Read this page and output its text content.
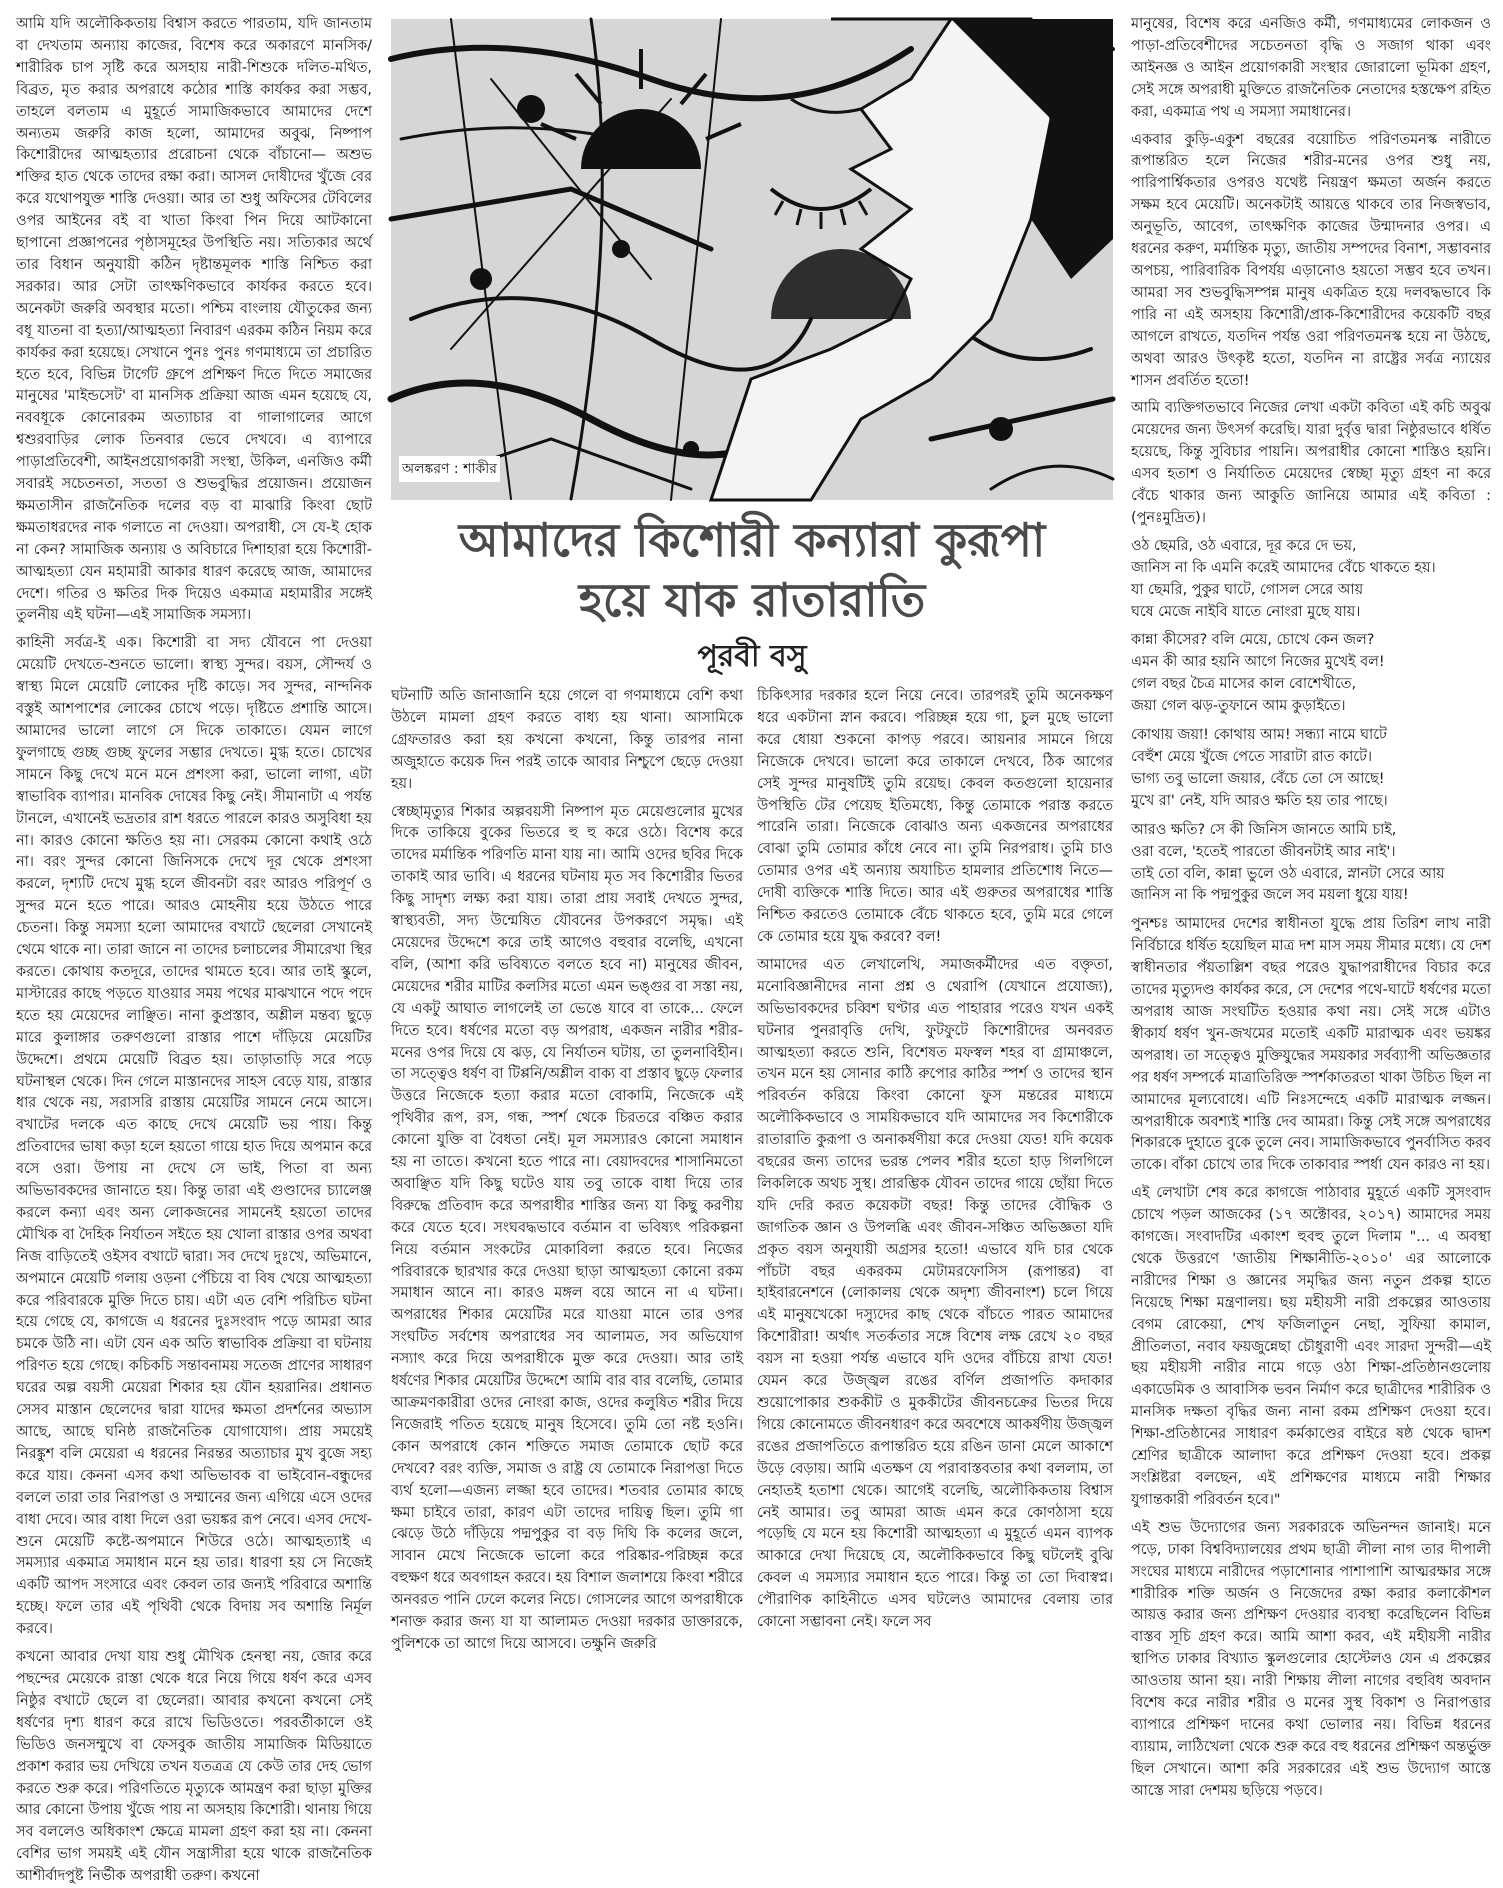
আমি যদি অলৌকিকতায় বিশ্বাস করতে পারতাম, যদি জানতাম বা দেখতাম অন্যায় কাজের, বিশেষ করে অকারণে মানসিক/শারীরিক চাপ সৃষ্টি করে অসহায় নারী-শিশুকে দলিত-মথিত, বিব্রত, মৃত করার অপরাধে কঠোর শাস্তি কার্যকর করা সম্ভব, তাহলে বলতাম এ মুহূর্তে সামাজিকভাবে আমাদের দেশে অন্যতম জরুরি কাজ হলো, আমাদের অবুঝ, নিষ্পাপ কিশোরীদের আত্মহত্যার প্ররোচনা থেকে বাঁচানো— অশুভ শক্তির হাত থেকে তাদের রক্ষা করা। আসল দোষীদের খুঁজে বের করে যথোপযুক্ত শাস্তি দেওয়া। আর তা শুধু অফিসের টেবিলের ওপর আইনের বই বা খাতা কিংবা পিন দিয়ে আটকানো ছাপানো প্রজ্ঞাপনের পৃষ্ঠাসমূহের উপস্থিতি নয়। সত্যিকার অর্থে তার বিধান অনুযায়ী কঠিন দৃষ্টান্তমূলক শাস্তি নিশ্চিত করা সরকার। আর সেটা তাৎক্ষণিকভাবে কার্যকর করতে হবে। অনেকটা জরুরি অবস্থার মতো। পশ্চিম বাংলায় যৌতুকের জন্য বধূ যাতনা বা হত্যা/আত্মহত্যা নিবারণ এরকম কঠিন নিয়ম করে কার্যকর করা হয়েছে। সেখানে পুনঃ পুনঃ গণমাধ্যমে তা প্রচারিত হতে হবে, বিভিন্ন টার্গেট গ্রুপে প্রশিক্ষণ দিতে দিতে সমাজের মানুষের 'মাইন্ডসেট' বা মানসিক প্রক্রিয়া আজ এমন হয়েছে যে, নববধূকে কোনোরকম অত্যাচার বা গালাগালের আগে শ্বশুরবাড়ির লোক তিনবার ভেবে দেখবে। এ ব্যাপারে পাড়াপ্রতিবেশী, আইনপ্রয়োগকারী সংস্থা, উকিল, এনজিও কর্মী সবারই সচেতনতা, সততা ও শুভবুদ্ধির প্রয়োজন। প্রয়োজন ক্ষমতাসীন রাজনৈতিক দলের বড় বা মাঝারি কিংবা ছোট ক্ষমতাধরদের নাক গলাতে না দেওয়া। অপরাধী, সে যে-ই হোক না কেন? সামাজিক অন্যায় ও অবিচারে দিশাহারা হয়ে কিশোরী-আত্মহত্যা যেন মহামারী আকার ধারণ করেছে আজ, আমাদের দেশে। গতির ও ক্ষতির দিক দিয়েও একমাত্র মহামারীর সঙ্গেই তুলনীয় এই ঘটনা—এই সামাজিক সমস্যা।

কাহিনী সর্বত্র-ই এক। কিশোরী বা সদ্য যৌবনে পা দেওয়া মেয়েটি দেখতে-শুনতে ভালো। স্বাস্থ্য সুন্দর। বয়স, সৌন্দর্য ও স্বাস্থ্য মিলে মেয়েটি লোকের দৃষ্টি কাড়ে। সব সুন্দর, নান্দনিক বস্তুই আশপাশের লোকের চোখে পড়ে। দৃষ্টিতে প্রশান্তি আসে। আমাদের ভালো লাগে সে দিকে তাকাতে। যেমন লাগে ফুলগাছে গুচ্ছ গুচ্ছ ফুলের সম্ভার দেখতে। মুগ্ধ হতে। চোখের সামনে কিছু দেখে মনে মনে প্রশংসা করা, ভালো লাগা, এটা স্বাভাবিক ব্যাপার। মানবিক দোষের কিছু নেই। সীমানাটা এ পর্যন্ত টানলে, এখানেই ভদ্রতার রাশ ধরতে পারলে কারও অসুবিধা হয় না। কারও কোনো ক্ষতিও হয় না। সেরকম কোনো কথাই ওঠে না। বরং সুন্দর কোনো জিনিসকে দেখে দূর থেকে প্রশংসা করলে, দৃশ্যটি দেখে মুগ্ধ হলে জীবনটা বরং আরও পরিপূর্ণ ও সুন্দর মনে হতে পারে। আরও মোহনীয় হয়ে উঠতে পারে চেতনা। কিন্তু সমস্যা হলো আমাদের বখাটে ছেলেরা সেখানেই থেমে থাকে না। তারা জানে না তাদের চলাচলের সীমারেখা স্থির করতে। কোথায় কতদূরে, তাদের থামতে হবে। আর তাই স্কুলে, মাস্টারের কাছে পড়তে যাওয়ার সময় পথের মাঝখানে পদে পদে হতে হয় মেয়েদের লাঞ্ছিত। নানা কুপ্রস্তাব, অশ্লীল মন্তব্য ছুড়ে মারে কুলাঙ্গার তরুণগুলো রাস্তার পাশে দাঁড়িয়ে মেয়েটির উদ্দেশে। প্রথমে মেয়েটি বিব্রত হয়। তাড়াতাড়ি সরে পড়ে ঘটনাস্থল থেকে। দিন গেলে মাস্তানদের সাহস বেড়ে যায়, রাস্তার ধার থেকে নয়, সরাসরি রাস্তায় মেয়েটির সামনে নেমে আসে। বখাটের দলকে এত কাছে দেখে মেয়েটি ভয় পায়। কিন্তু প্রতিবাদের ভাষা কড়া হলে হয়তো গায়ে হাত দিয়ে অপমান করে বসে ওরা। উপায় না দেখে সে ভাই, পিতা বা অন্য অভিভাবকদের জানাতে হয়। কিন্তু তারা এই গুণ্ডাদের চ্যালেঞ্জ করলে কন্যা এবং অন্য লোকজনের সামনেই হয়তো তাদের মৌখিক বা দৈহিক নির্যাতন সইতে হয় খোলা রাস্তার ওপর অথবা নিজ বাড়িতেই ওইসব বখাটে দ্বারা। সব দেখে দুঃখে, অভিমানে, অপমানে মেয়েটি গলায় ওড়না পেঁচিয়ে বা বিষ খেয়ে আত্মহত্যা করে পরিবারকে মুক্তি দিতে চায়। এটা এত বেশি পরিচিত ঘটনা হয়ে গেছে যে, কাগজে এ ধরনের দুঃসংবাদ পড়ে আমরা আর চমকে উঠি না। এটা যেন এক অতি স্বাভাবিক প্রক্রিয়া বা ঘটনায় পরিণত হয়ে গেছে। কচিকচি সন্তাবনাময় সতেজ প্রাণের সাধারণ ঘরের অল্প বয়সী মেয়েরা শিকার হয় যৌন হয়রানির। প্রধানত সেসব মাস্তান ছেলেদের দ্বারা যাদের ক্ষমতা প্রদর্শনের অভ্যাস আছে, আছে ঘনিষ্ঠ রাজনৈতিক যোগাযোগ। প্রায় সময়েই নিরঙ্কুশ বলি মেয়েরা এ ধরনের নিরন্তর অত্যাচার মুখ বুজে সহ্য করে যায়। কেননা এসব কথা অভিভাবক বা ভাইবোন-বন্ধুদের বললে তারা তার নিরাপত্তা ও সম্মানের জন্য এগিয়ে এসে ওদের বাধা দেবে। আর বাধা দিলে ওরা ভয়ঙ্কর রূপ নেবে। এসব দেখে-শুনে মেয়েটি কষ্টে-অপমানে শিউরে ওঠে। আত্মহত্যাই এ সমস্যার একমাত্র সমাধান মনে হয় তার। ধারণা হয় সে নিজেই একটি আপদ সংসারে এবং কেবল তার জন্যই পরিবারে অশান্তি হচ্ছে। ফলে তার এই পৃথিবী থেকে বিদায় সব অশান্তি নির্মূল করবে।

কখনো আবার দেখা যায় শুধু মৌখিক হেনস্থা নয়, জোর করে পছন্দের মেয়েকে রাস্তা থেকে ধরে নিয়ে গিয়ে ধর্ষণ করে এসব নিষ্ঠুর বখাটে ছেলে বা ছেলেরা। আবার কখনো কখনো সেই ধর্ষণের দৃশ্য ধারণ করে রাখে ভিডিওতে। পরবর্তীকালে ওই ভিডিও জনসম্মুখে বা ফেসবুক জাতীয় সামাজিক মিডিয়াতে প্রকাশ করার ভয় দেখিয়ে তখন যতত্রত্র যে কেউ তার দেহ ভোগ করতে শুরু করে। পরিণতিতে মৃত্যুকে আমন্ত্রণ করা ছাড়া মুক্তির আর কোনো উপায় খুঁজে পায় না অসহায় কিশোরী। থানায় গিয়ে সব বললেও অধিকাংশ ক্ষেত্রে মামলা গ্রহণ করা হয় না। কেননা বেশির ভাগ সময়ই এই যৌন সন্ত্রাসীরা হয়ে থাকে রাজনৈতিক আশীর্বাদপুষ্ট নির্ভীক অপরাধী তরুণ। কখনো

অলঙ্করণ : শাকীর
আমাদের কিশোরী কন্যারা কুরূপা
হয়ে যাক রাতারাতি
পূরবী বসু

ঘটনাটি অতি জানাজানি হয়ে গেলে বা গণমাধ্যমে বেশি কথা উঠলে মামলা গ্রহণ করতে বাধ্য হয় থানা। আসামিকে গ্রেফতারও করা হয় কখনো কখনো, কিন্তু তারপর নানা অজুহাতে কয়েক দিন পরই তাকে আবার নিশ্চুপে ছেড়ে দেওয়া হয়।

স্বেচ্ছামৃত্যুর শিকার অল্পবয়সী নিষ্পাপ মৃত মেয়েগুলোর মুখের দিকে তাকিয়ে বুকের ভিতরে হু হু করে ওঠে। বিশেষ করে তাদের মর্মান্তিক পরিণতি মানা যায় না। আমি ওদের ছবির দিকে তাকাই আর ভাবি। এ ধরনের ঘটনায় মৃত সব কিশোরীর ভিতর কিছু সাদৃশ্য লক্ষ্য করা যায়। তারা প্রায় সবাই দেখতে সুন্দর, স্বাস্থ্যবতী, সদ্য উন্মেষিত যৌবনের উপকরণে সমৃদ্ধ। এই মেয়েদের উদ্দেশে করে তাই আগেও বহুবার বলেছি, এখনো বলি, (আশা করি ভবিষ্যতে বলতে হবে না) মানুষের জীবন, মেয়েদের শরীর মাটির কলসির মতো এমন ভঙ্গুর বা সস্তা নয়, যে একটু আঘাত লাগলেই তা ভেঙে যাবে বা তাকে... ফেলে দিতে হবে। ধর্ষণের মতো বড় অপরাধ, একজন নারীর শরীর-মনের ওপর দিয়ে যে ঝড়, যে নির্যাতন ঘটায়, তা তুলনাবিহীন। তা সত্ত্বেও ধর্ষণ বা টিপ্পনি/অশ্লীল বাক্য বা প্রস্তাব ছুড়ে ফেলার উত্তরে নিজেকে হত্যা করার মতো বোকামি, নিজেকে এই পৃথিবীর রূপ, রস, গন্ধ, স্পর্শ থেকে চিরতরে বঞ্চিত করার কোনো যুক্তি বা বৈধতা নেই। মূল সমস্যারও কোনো সমাধান হয় না তাতে। কখনো হতে পারে না। বেয়াদবদের শাসানিমতো অবাঞ্ছিত যদি কিছু ঘটেও যায় তবু তাকে বাধা দিয়ে তার বিরুদ্ধে প্রতিবাদ করে অপরাধীর শাস্তির জন্য যা কিছু করণীয় করে যেতে হবে। সংঘবদ্ধভাবে বর্তমান বা ভবিষ্যৎ পরিকল্পনা নিয়ে বর্তমান সংকটের মোকাবিলা করতে হবে। নিজের পরিবারকে ছারখার করে দেওয়া ছাড়া আত্মহত্যা কোনো রকম সমাধান আনে না। কারও মঙ্গল বয়ে আনে না এ ঘটনা। অপরাধের শিকার মেয়েটির মরে যাওয়া মানে তার ওপর সংঘটিত সর্বশেষ অপরাধের সব আলামত, সব অভিযোগ নস্যাৎ করে দিয়ে অপরাধীকে মুক্ত করে দেওয়া। আর তাই ধর্ষণের শিকার মেয়েটির উদ্দেশে আমি বার বার বলেছি, তোমার আক্রমণকারীরা ওদের নোংরা কাজ, ওদের কলুষিত শরীর দিয়ে নিজেরাই পতিত হয়েছে মানুষ হিসেবে। তুমি তো নষ্ট হওনি। কোন অপরাধে কোন শক্তিতে সমাজ তোমাকে ছোট করে দেখবে? বরং ব্যক্তি, সমাজ ও রাষ্ট্র যে তোমাকে নিরাপত্তা দিতে ব্যর্থ হলো—এজন্য লজ্জা হবে তাদের। শতবার তোমার কাছে ক্ষমা চাইবে তারা, কারণ এটা তাদের দায়িত্ব ছিল। তুমি গা ঝেড়ে উঠে দাঁড়িয়ে পদ্মপুকুর বা বড় দিঘি কি কলের জলে, সাবান মেখে নিজেকে ভালো করে পরিষ্কার-পরিচ্ছন্ন করে বহুক্ষণ ধরে অবগাহন করবে। হয় বিশাল জলাশয়ে কিংবা শরীরে অনবরত পানি ঢেলে কলের নিচে। গোসলের আগে অপরাধীকে শনাক্ত করার জন্য যা যা আলামত দেওয়া দরকার ডাক্তারকে, পুলিশকে তা আগে দিয়ে আসবে। তক্ষুনি জরুরি

চিকিৎসার দরকার হলে নিয়ে নেবে। তারপরই তুমি অনেকক্ষণ ধরে একটানা স্নান করবে। পরিচ্ছন্ন হয়ে গা, চুল মুছে ভালো করে ধোয়া শুকনো কাপড় পরবে। আয়নার সামনে গিয়ে নিজেকে দেখবে। ভালো করে তাকালে দেখবে, ঠিক আগের সেই সুন্দর মানুষটিই তুমি রয়েছ। কেবল কতগুলো হায়েনার উপস্থিতি টের পেয়েছ ইতিমধ্যে, কিন্তু তোমাকে পরাস্ত করতে পারেনি তারা। নিজেকে বোঝাও অন্য একজনের অপরাধের বোঝা তুমি তোমার কাঁধে নেবে না। তুমি নিরপরাধ। তুমি চাও তোমার ওপর এই অন্যায় অযাচিত হামলার প্রতিশোধ নিতে—দোষী ব্যক্তিকে শাস্তি দিতে। আর এই গুরুতর অপরাধের শাস্তি নিশ্চিত করতেও তোমাকে বেঁচে থাকতে হবে, তুমি মরে গেলে কে তোমার হয়ে যুদ্ধ করবে? বল!

আমাদের এত লেখালেখি, সমাজকর্মীদের এত বক্তৃতা, মনোবিজ্ঞানীদের নানা প্রশ্ন ও থেরাপি (যেখানে প্রযোজ্য), অভিভাবকদের চব্বিশ ঘণ্টার এত পাহারার পরেও যখন একই ঘটনার পুনরাবৃত্তি দেখি, ফুটফুটে কিশোরীদের অনবরত আত্মহত্যা করতে শুনি, বিশেষত মফস্বল শহর বা গ্রামাঞ্চলে, তখন মনে হয় সোনার কাঠি রুপোর কাঠির স্পর্শ ও তাদের স্থান পরিবর্তন করিয়ে কিংবা কোনো ফুস মন্তরের মাধ্যমে অলৌকিকভাবে ও সাময়িকভাবে যদি আমাদের সব কিশোরীকে রাতারাতি কুরূপা ও অনাকর্ষণীয়া করে দেওয়া যেত! যদি কয়েক বছরের জন্য তাদের ভরন্ত পেলব শরীর হতো হাড় গিলগিলে লিকলিকে অথচ সুস্থ। প্রারম্ভিক যৌবন তাদের গায়ে ছোঁয়া দিতে যদি দেরি করত কয়েকটা বছর! কিন্তু তাদের বৌদ্ধিক ও জাগতিক জ্ঞান ও উপলব্ধি এবং জীবন-সঞ্চিত অভিজ্ঞতা যদি প্রকৃত বয়স অনুযায়ী অগ্রসর হতো! এভাবে যদি চার থেকে পাঁচটা বছর একরকম মেটামরফোসিস (রূপান্তর) বা হাইবারনেশনে (লোকালয় থেকে অদৃশ্য জীবনাংশ) চলে গিয়ে এই মানুষখেকো দস্যুদের কাছ থেকে বাঁচতে পারত আমাদের কিশোরীরা! অর্থাৎ সতর্কতার সঙ্গে বিশেষ লক্ষ রেখে ২০ বছর বয়স না হওয়া পর্যন্ত এভাবে যদি ওদের বাঁচিয়ে রাখা যেত! যেমন করে উজ্জ্বল রঙের বর্ণিল প্রজাপতি কদাকার শুয়োপোকার শুককীট ও মুককীটের জীবনচক্রের ভিতর দিয়ে গিয়ে কোনোমতে জীবনধারণ করে অবশেষে আকর্ষণীয় উজ্জ্বল রঙের প্রজাপতিতে রূপান্তরিত হয়ে রঙিন ডানা মেলে আকাশে উড়ে বেড়ায়। আমি এতক্ষণ যে পরাবাস্তবতার কথা বললাম, তা নেহাতই হতাশা থেকে। আগেই বলেছি, অলৌকিকতায় বিশ্বাস নেই আমার। তবু আমরা আজ এমন করে কোণঠাসা হয়ে পড়েছি যে মনে হয় কিশোরী আত্মহত্যা এ মুহূর্তে এমন ব্যাপক আকারে দেখা দিয়েছে যে, অলৌকিকভাবে কিছু ঘটলেই বুঝি কেবল এ সমস্যার সমাধান হতে পারে। কিন্তু তা তো দিবাস্বপ্ন। পৌরাণিক কাহিনীতে এসব ঘটলেও আমাদের বেলায় তার কোনো সম্ভাবনা নেই। ফলে সব

মানুষের, বিশেষ করে এনজিও কর্মী, গণমাধ্যমের লোকজন ও পাড়া-প্রতিবেশীদের সচেতনতা বৃদ্ধি ও সজাগ থাকা এবং আইনজ্ঞ ও আইন প্রয়োগকারী সংস্থার জোরালো ভূমিকা গ্রহণ, সেই সঙ্গে অপরাধী মুক্তিতে রাজনৈতিক নেতাদের হস্তক্ষেপ রহিত করা, একমাত্র পথ এ সমস্যা সমাধানের।

একবার কুড়ি-একুশ বছরের বয়োচিত পরিণতমনস্ক নারীতে রূপান্তরিত হলে নিজের শরীর-মনের ওপর শুধু নয়, পারিপার্শ্বিকতার ওপরও যথেষ্ট নিয়ন্ত্রণ ক্ষমতা অর্জন করতে সক্ষম হবে মেয়েটি। অনেকটাই আয়ত্তে থাকবে তার নিজস্বভাব, অনুভূতি, আবেগ, তাৎক্ষণিক কাজের উন্মাদনার ওপর। এ ধরনের করুণ, মর্মান্তিক মৃত্যু, জাতীয় সম্পদের বিনাশ, সম্ভাবনার অপচয়, পারিবারিক বিপর্যয় এড়ানোও হয়তো সম্ভব হবে তখন। আমরা সব শুভবুদ্ধিসম্পন্ন মানুষ একত্রিত হয়ে দলবদ্ধভাবে কি পারি না এই অসহায় কিশোরী/প্রাক-কিশোরীদের কয়েকটি বছর আগলে রাখতে, যতদিন পর্যন্ত ওরা পরিণতমনস্ক হয়ে না উঠছে, অথবা আরও উৎকৃষ্ট হতো, যতদিন না রাষ্ট্রের সর্বত্র ন্যায়ের শাসন প্রবর্তিত হতো!

আমি ব্যক্তিগতভাবে নিজের লেখা একটা কবিতা এই কচি অবুঝ মেয়েদের জন্য উৎসর্গ করেছি। যারা দুর্বৃত্ত দ্বারা নিষ্ঠুরভাবে ধর্ষিত হয়েছে, কিন্তু সুবিচার পায়নি। অপরাধীর কোনো শাস্তিও হয়নি। এসব হতাশ ও নির্যাতিত মেয়েদের স্বেচ্ছা মৃত্যু গ্রহণ না করে বেঁচে থাকার জন্য আকুতি জানিয়ে আমার এই কবিতা : (পুনঃমুদ্রিত)।

ওঠ ছেমরি, ওঠ এবারে, দূর করে দে ভয়,
জানিস না কি এমনি করেই আমাদের বেঁচে থাকতে হয়।
যা ছেমরি, পুকুর ঘাটে, গোসল সেরে আয়
ঘষে মেজে নাইবি যাতে নোংরা মুছে যায়।

কান্না কীসের? বলি মেয়ে, চোখে কেন জল?
এমন কী আর হয়নি আগে নিজের মুখেই বল!
গেল বছর চৈত্র মাসের কাল বোশেখীতে,
জয়া গেল ঝড়-তুফানে আম কুড়াইতে।

কোথায় জয়া! কোথায় আম! সন্ধ্যা নামে ঘাটে
বেহুঁশ মেয়ে খুঁজে পেতে সারাটা রাত কাটে।
ভাগ্য তবু ভালো জয়ার, বেঁচে তো সে আছে!
মুখে রা' নেই, যদি আরও ক্ষতি হয় তার পাছে।

আরও ক্ষতি? সে কী জিনিস জানতে আমি চাই,
ওরা বলে, 'হতেই পারতো জীবনটাই আর নাই'।
তাই তো বলি, কান্না ভুলে ওঠ এবারে, স্নানটা সেরে আয়
জানিস না কি পদ্মপুকুর জলে সব ময়লা ধুয়ে যায়!

পুনশ্চঃ আমাদের দেশের স্বাধীনতা যুদ্ধে প্রায় তিরিশ লাখ নারী নির্বিচারে ধর্ষিত হয়েছিল মাত্র দশ মাস সময় সীমার মধ্যে। যে দেশ স্বাধীনতার পঁয়তাল্লিশ বছর পরেও যুদ্ধাপরাধীদের বিচার করে তাদের মৃত্যুদণ্ড কার্যকর করে, সে দেশের পথে-ঘাটে ধর্ষণের মতো অপরাধ আজ সংঘটিত হওয়ার কথা নয়। সেই সঙ্গে এটাও স্বীকার্য ধর্ষণ খুন-জখমের মতোই একটি মারাত্মক এবং ভয়ঙ্কর অপরাধ। তা সত্ত্বেও মুক্তিযুদ্ধের সময়কার সর্বব্যাপী অভিজ্ঞতার পর ধর্ষণ সম্পর্কে মাত্রাতিরিক্ত স্পর্শকাতরতা থাকা উচিত ছিল না আমাদের মূল্যবোধে। এটি নিঃসন্দেহে একটি মারাত্মক লজ্জন। অপরাধীকে অবশ্যই শাস্তি দেব আমরা। কিন্তু সেই সঙ্গে অপরাধের শিকারকে দুহাতে বুকে তুলে নেব। সামাজিকভাবে পুনর্বাসিত করব তাকে। বাঁকা চোখে তার দিকে তাকাবার স্পর্ধা যেন কারও না হয়।

এই লেখাটা শেষ করে কাগজে পাঠাবার মুহূর্তে একটি সুসংবাদ চোখে পড়ল আজকের (১৭ অক্টোবর, ২০১৭) আমাদের সময় কাগজে। সংবাদটির একাংশ হুবহু তুলে দিলাম "... এ অবস্থা থেকে উত্তরণে 'জাতীয় শিক্ষানীতি-২০১০' এর আলোকে নারীদের শিক্ষা ও জ্ঞানের সমৃদ্ধির জন্য নতুন প্রকল্প হাতে নিয়েছে শিক্ষা মন্ত্রণালয়। ছয় মহীয়সী নারী প্রকল্পের আওতায় বেগম রোকেয়া, শেখ ফজিলাতুন নেছা, সুফিয়া কামাল, প্রীতিলতা, নবাব ফয়জুন্নেছা চৌধুরাণী এবং সারদা সুন্দরী—এই ছয় মহীয়সী নারীর নামে গড়ে ওঠা শিক্ষা-প্রতিষ্ঠানগুলোয় একাডেমিক ও আবাসিক ভবন নির্মাণ করে ছাত্রীদের শারীরিক ও মানসিক দক্ষতা বৃদ্ধির জন্য নানা রকম প্রশিক্ষণ দেওয়া হবে। শিক্ষা-প্রতিষ্ঠানের সাধারণ কর্মকাণ্ডের বাইরে ষষ্ঠ থেকে দ্বাদশ শ্রেণির ছাত্রীকে আলাদা করে প্রশিক্ষণ দেওয়া হবে। প্রকল্প সংশ্লিষ্টরা বলছেন, এই প্রশিক্ষণের মাধ্যমে নারী শিক্ষার যুগান্তকারী পরিবর্তন হবে।"

এই শুভ উদ্যোগের জন্য সরকারকে অভিনন্দন জানাই। মনে পড়ে, ঢাকা বিশ্ববিদ্যালয়ের প্রথম ছাত্রী লীলা নাগ তার দীপালী সংঘের মাধ্যমে নারীদের পড়াশোনার পাশাপাশি আত্মরক্ষার সঙ্গে শারীরিক শক্তি অর্জন ও নিজেদের রক্ষা করার কলাকৌশল আয়ত্ত করার জন্য প্রশিক্ষণ দেওয়ার ব্যবস্থা করেছিলেন বিভিন্ন বাস্তব সূচি গ্রহণ করে। আমি আশা করব, এই মহীয়সী নারীর স্থাপিত ঢাকার বিখ্যাত স্কুলগুলোর হোস্টেলও যেন এ প্রকল্পের আওতায় আনা হয়। নারী শিক্ষায় লীলা নাগের বহুবিধ অবদান বিশেষ করে নারীর শরীর ও মনের সুস্থ বিকাশ ও নিরাপত্তার ব্যাপারে প্রশিক্ষণ দানের কথা ভোলার নয়। বিভিন্ন ধরনের ব্যায়াম, লাঠিখেলা থেকে শুরু করে বহু ধরনের প্রশিক্ষণ অন্তর্ভুক্ত ছিল সেখানে। আশা করি সরকারের এই শুভ উদ্যোগ আস্তে আস্তে সারা দেশময় ছড়িয়ে পড়বে।
